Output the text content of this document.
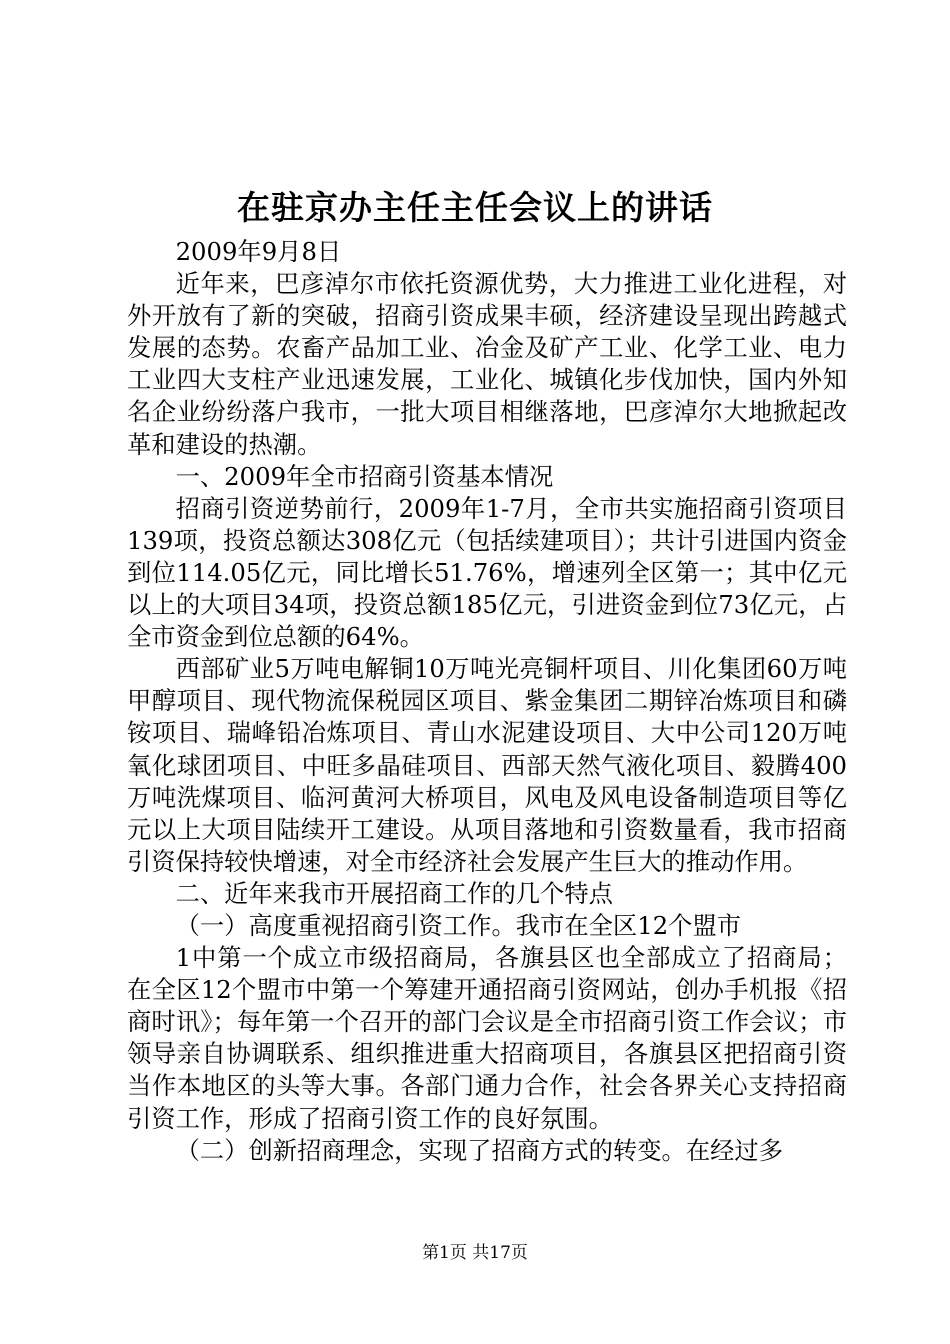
在驻京办主任主任会议上的讲话

2009年9月8日

近年来，巴彦淖尔市依托资源优势，大力推进工业化进程，对外开放有了新的突破，招商引资成果丰硕，经济建设呈现出跨越式发展的态势。农畜产品加工业、冶金及矿产工业、化学工业、电力工业四大支柱产业迅速发展，工业化、城镇化步伐加快，国内外知名企业纷纷落户我市，一批大项目相继落地，巴彦淖尔大地掀起改革和建设的热潮。

一、2009年全市招商引资基本情况

招商引资逆势前行，2009年1-7月，全市共实施招商引资项目139项，投资总额达308亿元（包括续建项目）；共计引进国内资金到位114.05亿元，同比增长51.76%，增速列全区第一；其中亿元以上的大项目34项，投资总额185亿元，引进资金到位73亿元，占全市资金到位总额的64%。

西部矿业5万吨电解铜10万吨光亮铜杆项目、川化集团60万吨甲醇项目、现代物流保税园区项目、紫金集团二期锌冶炼项目和磷铵项目、瑞峰铅冶炼项目、青山水泥建设项目、大中公司120万吨氧化球团项目、中旺多晶硅项目、西部天然气液化项目、毅腾400万吨洗煤项目、临河黄河大桥项目，风电及风电设备制造项目等亿元以上大项目陆续开工建设。从项目落地和引资数量看，我市招商引资保持较快增速，对全市经济社会发展产生巨大的推动作用。

二、近年来我市开展招商工作的几个特点

（一）高度重视招商引资工作。我市在全区12个盟市

1中第一个成立市级招商局，各旗县区也全部成立了招商局；在全区12个盟市中第一个筹建开通招商引资网站，创办手机报《招商时讯》；每年第一个召开的部门会议是全市招商引资工作会议；市领导亲自协调联系、组织推进重大招商项目，各旗县区把招商引资当作本地区的头等大事。各部门通力合作，社会各界关心支持招商引资工作，形成了招商引资工作的良好氛围。

（二）创新招商理念，实现了招商方式的转变。在经过多

第1页 共17页
